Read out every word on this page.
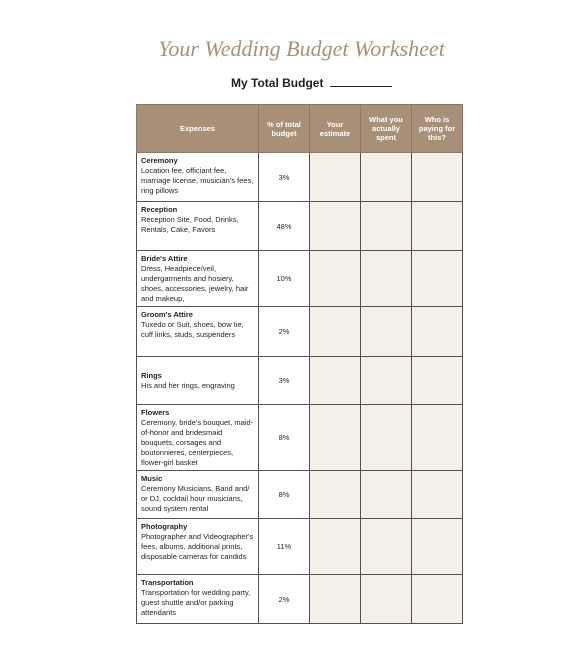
Your Wedding Budget Worksheet
My Total Budget
Expenses	% of total budget	Your estimate	What you actually spent	Who is paying for this?

Ceremony
Location fee, officiant fee, marriage license, musician's fees, ring pillows	3%			

Reception
Reception Site, Food, Drinks, Rentals, Cake, Favors	48%			

Bride's Attire
Dress, Headpiece/veil, undergarments and hosiery, shoes, accessories, jewelry, hair and makeup,	10%			

Groom's Attire
Tuxedo or Suit, shoes, bow tie, cuff links, studs, suspenders	2%			

Rings
His and her rings, engraving	3%			

Flowers
Ceremony, bride's bouquet, maid-of-honor and bridesmaid bouquets, corsages and boutonnieres, centerpieces, flower-girl basket	8%			

Music
Ceremony Musicians, Band and/ or DJ, cocktail hour musicians, sound system rental	8%			

Photography
Photographer and Videographer's fees, albums, additional prints, disposable cameras for candids	11%			

Transportation
Transportation for wedding party, guest shuttle and/or parking attendants	2%			
